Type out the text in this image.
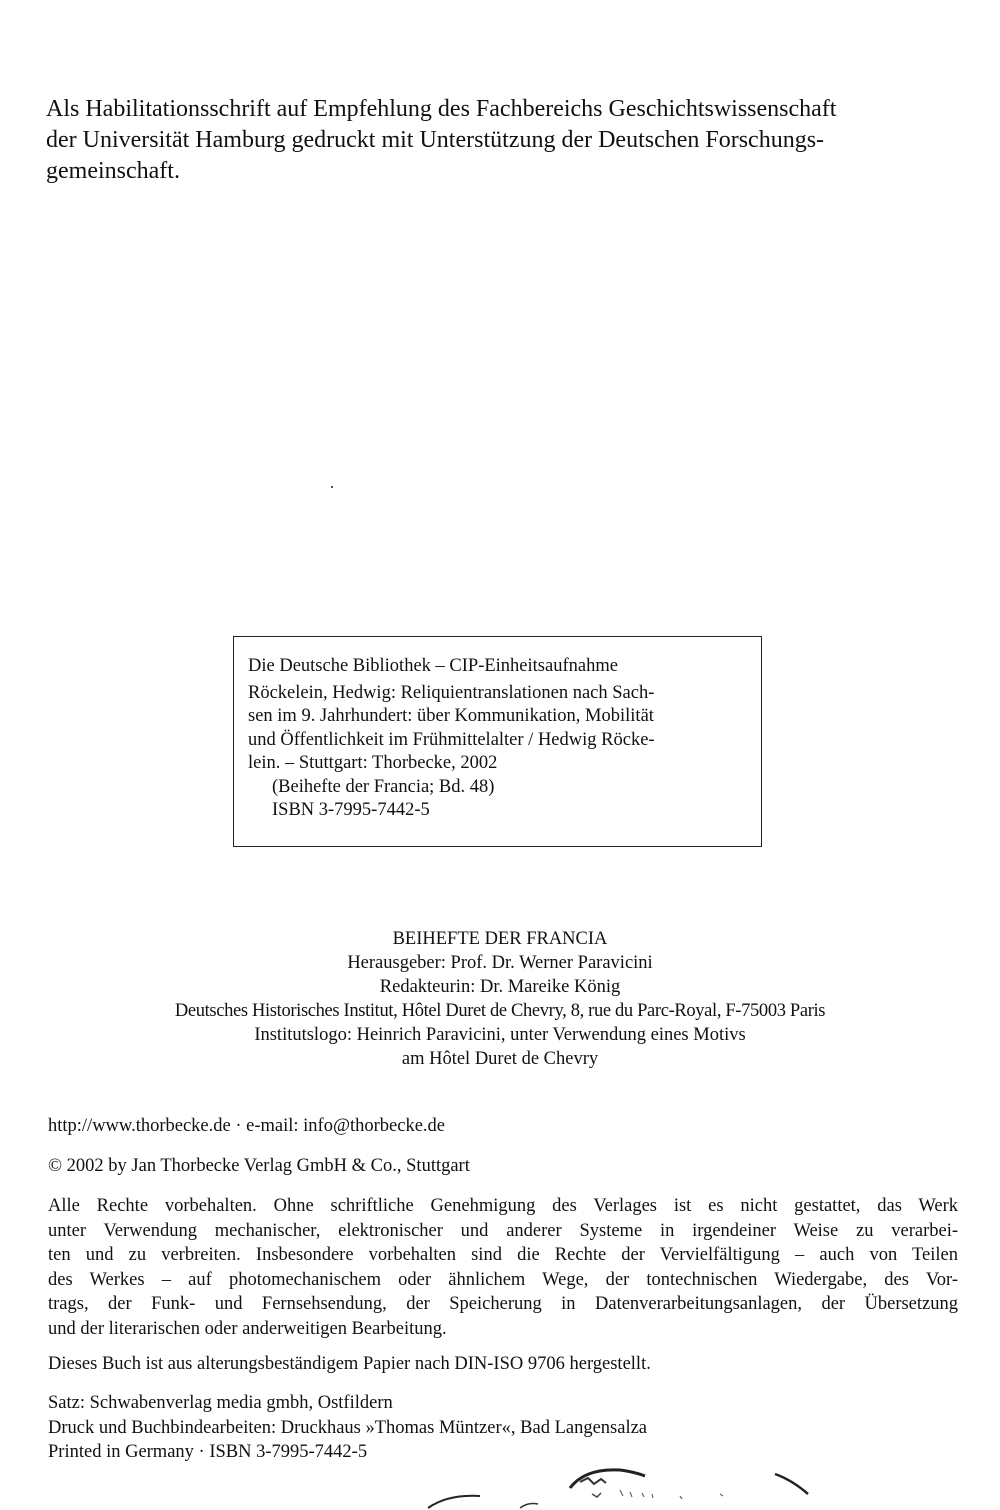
Als Habilitationsschrift auf Empfehlung des Fachbereichs Geschichtswissenschaft
der Universität Hamburg gedruckt mit Unterstützung der Deutschen Forschungs-
gemeinschaft.
Die Deutsche Bibliothek – CIP-Einheitsaufnahme
Röckelein, Hedwig: Reliquientranslationen nach Sach-
sen im 9. Jahrhundert: über Kommunikation, Mobilität
und Öffentlichkeit im Frühmittelalter / Hedwig Röcke-
lein. – Stuttgart: Thorbecke, 2002
(Beihefte der Francia; Bd. 48)
ISBN 3-7995-7442-5
BEIHEFTE DER FRANCIA
Herausgeber: Prof. Dr. Werner Paravicini
Redakteurin: Dr. Mareike König
Deutsches Historisches Institut, Hôtel Duret de Chevry, 8, rue du Parc-Royal, F-75003 Paris
Institutslogo: Heinrich Paravicini, unter Verwendung eines Motivs
am Hôtel Duret de Chevry
http://www.thorbecke.de · e-mail: info@thorbecke.de
© 2002 by Jan Thorbecke Verlag GmbH & Co., Stuttgart
Alle Rechte vorbehalten. Ohne schriftliche Genehmigung des Verlages ist es nicht gestattet, das Werk
unter Verwendung mechanischer, elektronischer und anderer Systeme in irgendeiner Weise zu verarbei-
ten und zu verbreiten. Insbesondere vorbehalten sind die Rechte der Vervielfältigung – auch von Teilen
des Werkes – auf photomechanischem oder ähnlichem Wege, der tontechnischen Wiedergabe, des Vor-
trags, der Funk- und Fernsehsendung, der Speicherung in Datenverarbeitungsanlagen, der Übersetzung
und der literarischen oder anderweitigen Bearbeitung.
Dieses Buch ist aus alterungsbeständigem Papier nach DIN-ISO 9706 hergestellt.
Satz: Schwabenverlag media gmbh, Ostfildern
Druck und Buchbindearbeiten: Druckhaus »Thomas Müntzer«, Bad Langensalza
Printed in Germany · ISBN 3-7995-7442-5
